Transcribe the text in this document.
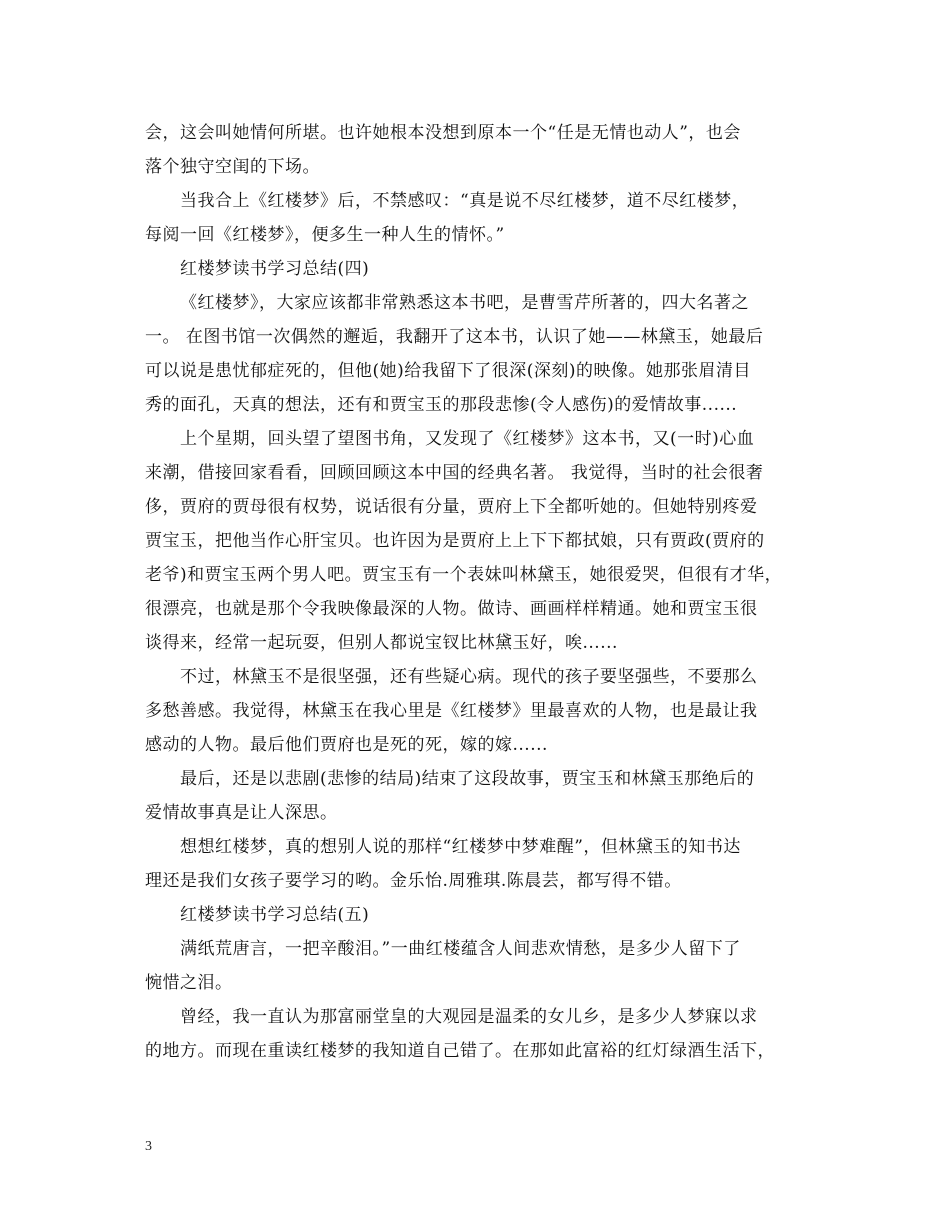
会，这会叫她情何所堪。也许她根本没想到原本一个“任是无情也动人”，也会
落个独守空闺的下场。
当我合上《红楼梦》后，不禁感叹：“真是说不尽红楼梦，道不尽红楼梦，
每阅一回《红楼梦》，便多生一种人生的情怀。”
红楼梦读书学习总结(四)
《红楼梦》，大家应该都非常熟悉这本书吧，是曹雪芹所著的，四大名著之
一。 在图书馆一次偶然的邂逅，我翻开了这本书，认识了她——林黛玉，她最后
可以说是患忧郁症死的，但他(她)给我留下了很深(深刻)的映像。她那张眉清目
秀的面孔，天真的想法，还有和贾宝玉的那段悲惨(令人感伤)的爱情故事......
上个星期，回头望了望图书角，又发现了《红楼梦》这本书，又(一时)心血
来潮，借接回家看看，回顾回顾这本中国的经典名著。 我觉得，当时的社会很奢
侈，贾府的贾母很有权势，说话很有分量，贾府上下全都听她的。但她特别疼爱
贾宝玉，把他当作心肝宝贝。也许因为是贾府上上下下都拭娘，只有贾政(贾府的
老爷)和贾宝玉两个男人吧。贾宝玉有一个表妹叫林黛玉，她很爱哭，但很有才华，
很漂亮，也就是那个令我映像最深的人物。做诗、画画样样精通。她和贾宝玉很
谈得来，经常一起玩耍，但别人都说宝钗比林黛玉好，唉......
不过，林黛玉不是很坚强，还有些疑心病。现代的孩子要坚强些，不要那么
多愁善感。我觉得，林黛玉在我心里是《红楼梦》里最喜欢的人物，也是最让我
感动的人物。最后他们贾府也是死的死，嫁的嫁......
最后，还是以悲剧(悲惨的结局)结束了这段故事，贾宝玉和林黛玉那绝后的
爱情故事真是让人深思。
想想红楼梦，真的想别人说的那样“红楼梦中梦难醒”，但林黛玉的知书达
理还是我们女孩子要学习的哟。金乐怡.周雅琪.陈晨芸，都写得不错。
红楼梦读书学习总结(五)
满纸荒唐言，一把辛酸泪。”一曲红楼蕴含人间悲欢情愁，是多少人留下了
惋惜之泪。
曾经，我一直认为那富丽堂皇的大观园是温柔的女儿乡，是多少人梦寐以求
的地方。而现在重读红楼梦的我知道自己错了。在那如此富裕的红灯绿酒生活下，
3
